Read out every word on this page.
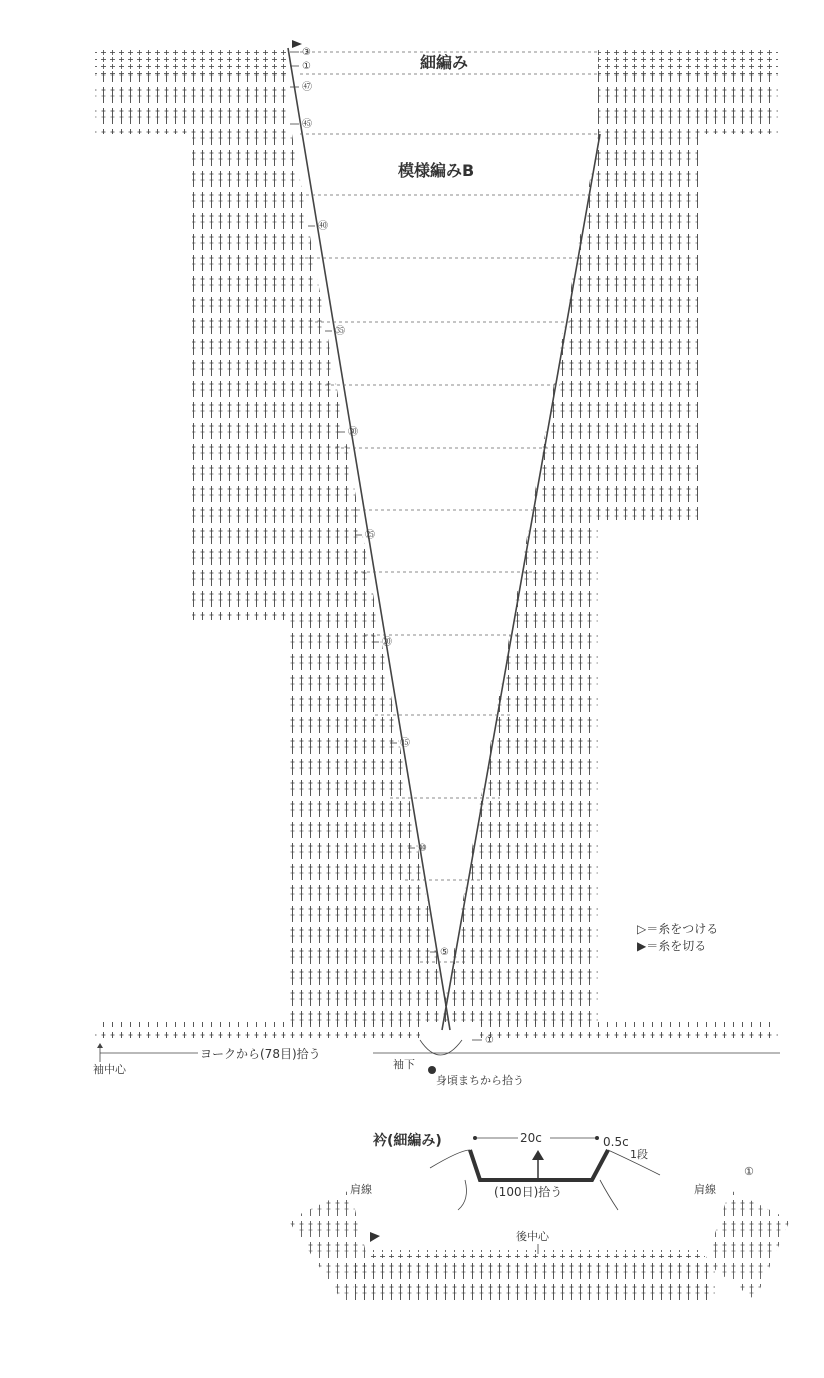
細編み
模様編みB
③
①
㊼
㊺
㊵
㉟
㉚
㉕
⑳
⑮
⑩
⑤
①
▷＝糸をつける
▶＝糸を切る
ヨークから(78目)拾う
袖中心	袖下
身頃まちから拾う
衿(細編み)	20c	0.5c
1段
(100日)拾う
肩線	肩線
後中心
①
